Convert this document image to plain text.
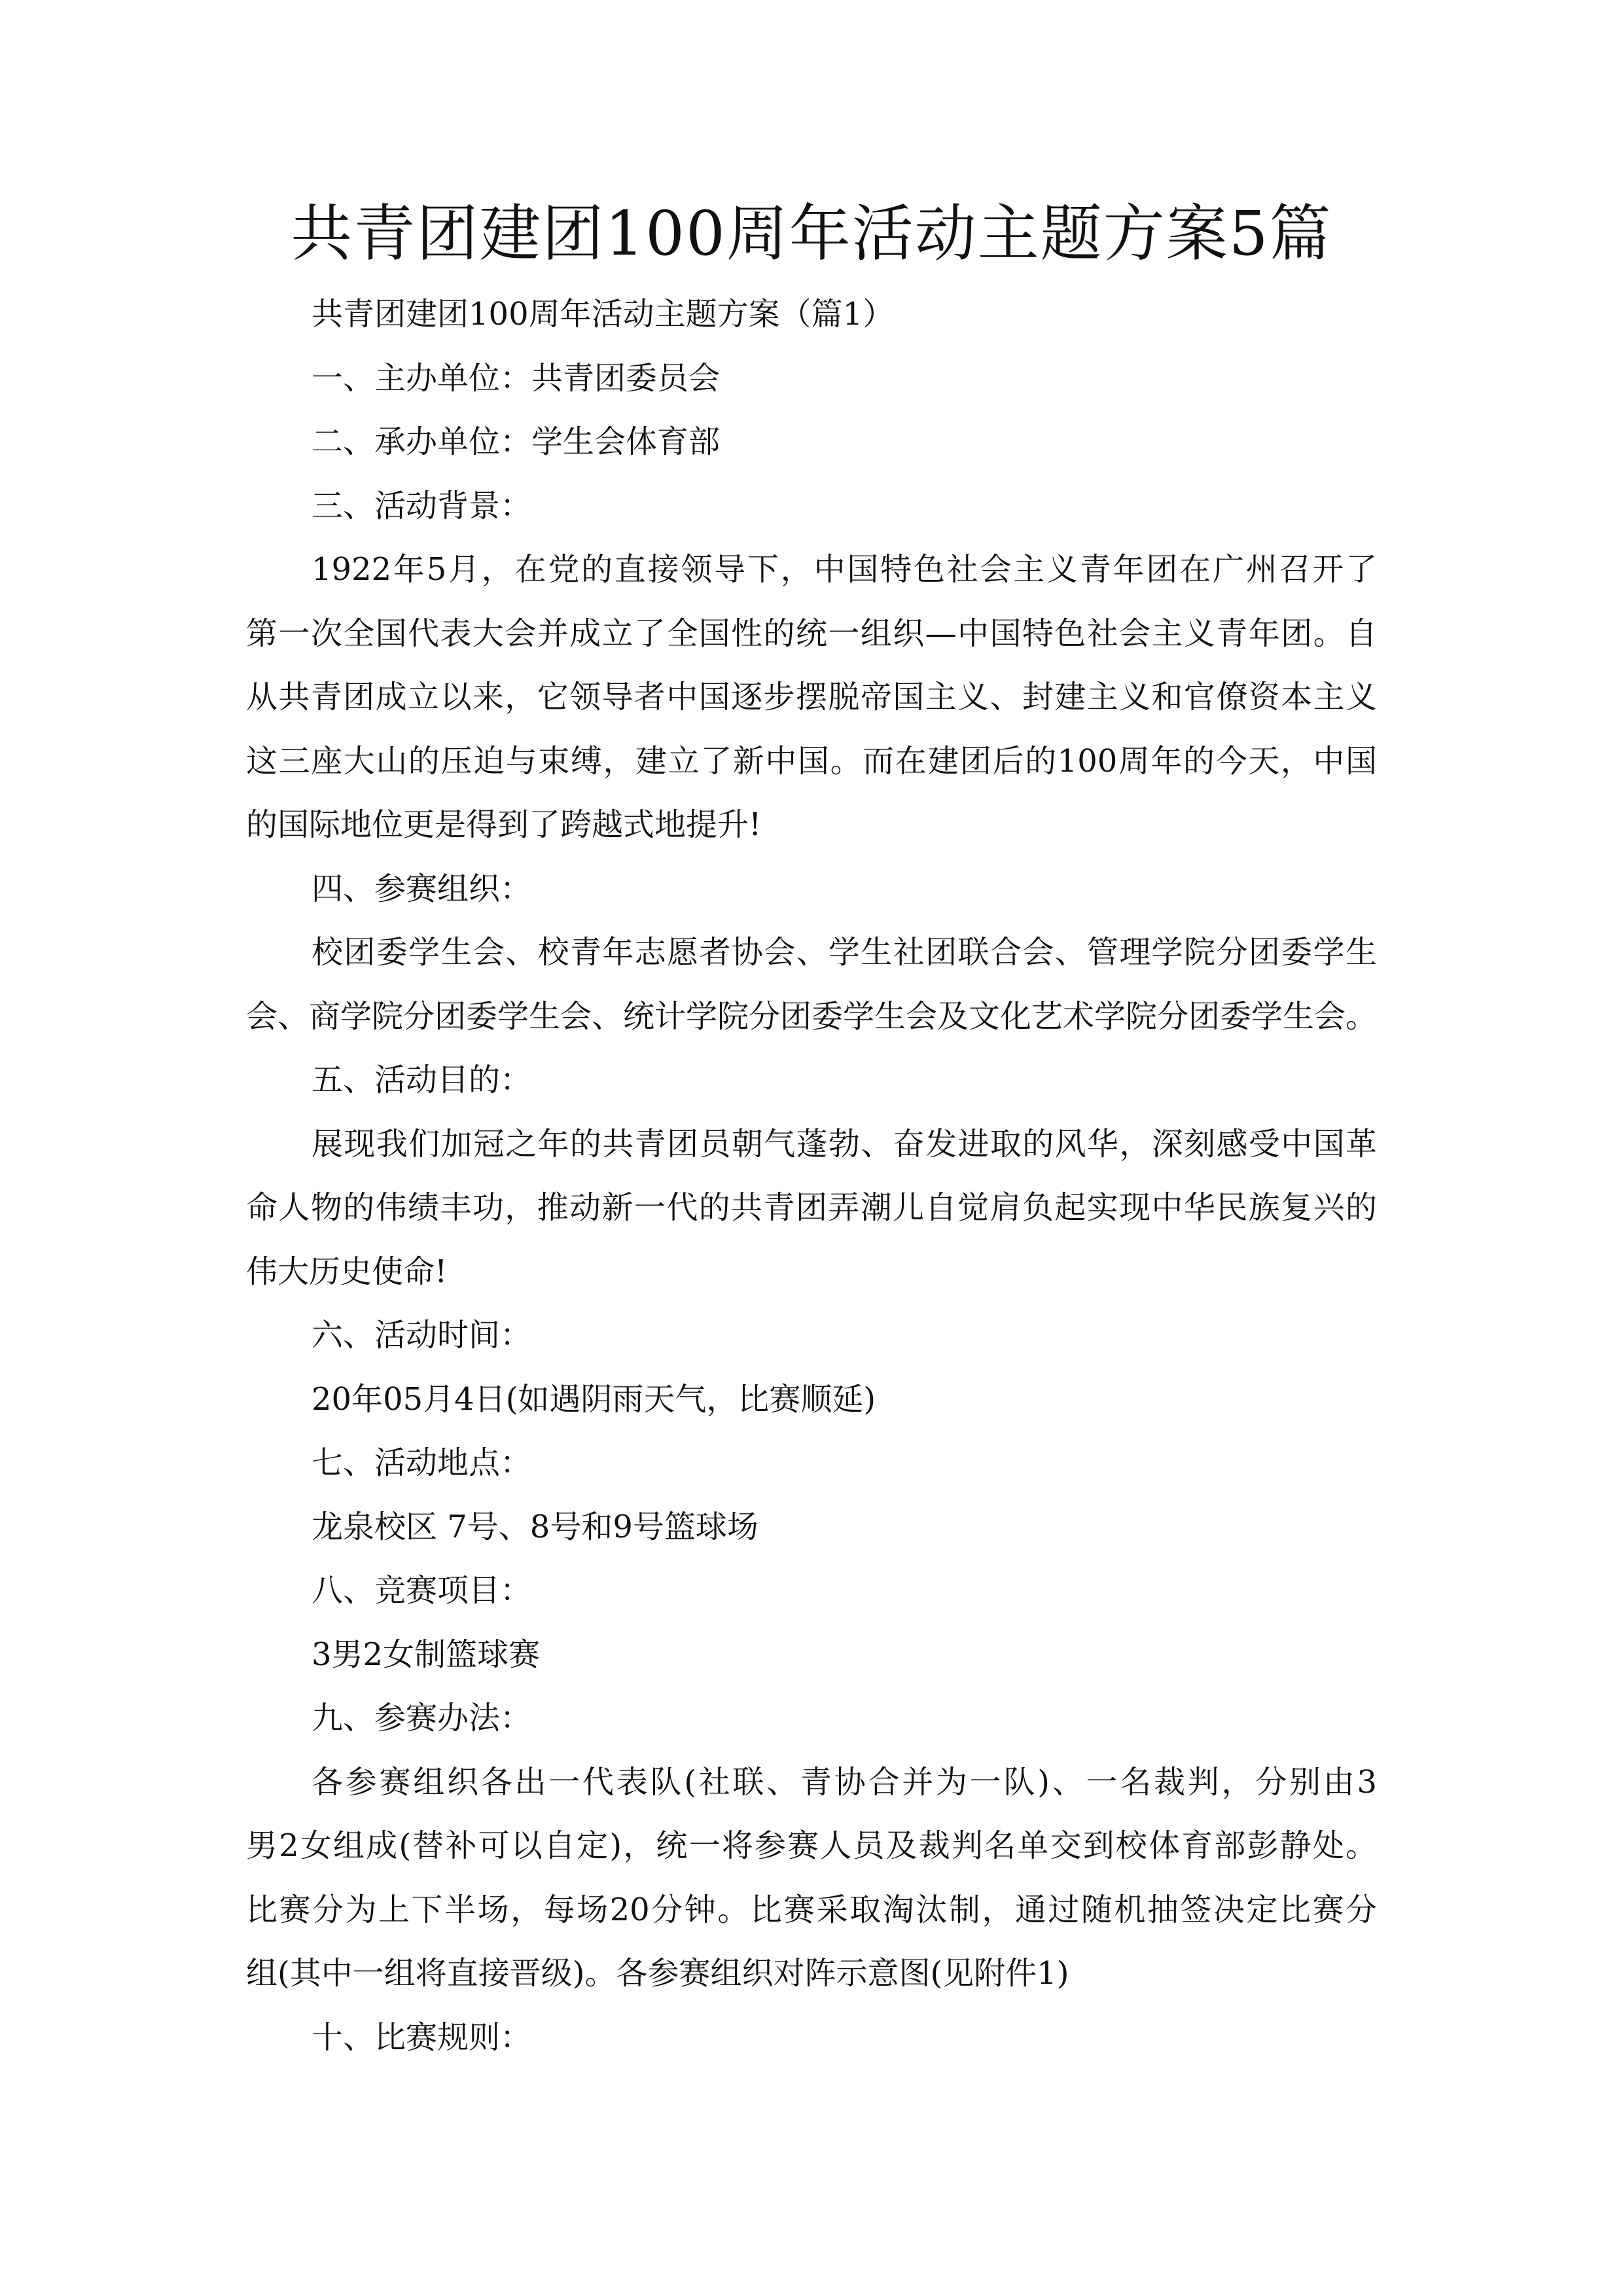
共青团建团100周年活动主题方案5篇
共青团建团100周年活动主题方案（篇1）
一、主办单位：共青团委员会
二、承办单位：学生会体育部
三、活动背景：
1922年5月，在党的直接领导下，中国特色社会主义青年团在广州召开了
第一次全国代表大会并成立了全国性的统一组织—中国特色社会主义青年团。自
从共青团成立以来，它领导者中国逐步摆脱帝国主义、封建主义和官僚资本主义
这三座大山的压迫与束缚，建立了新中国。而在建团后的100周年的今天，中国
的国际地位更是得到了跨越式地提升!
四、参赛组织：
校团委学生会、校青年志愿者协会、学生社团联合会、管理学院分团委学生
会、商学院分团委学生会、统计学院分团委学生会及文化艺术学院分团委学生会。
五、活动目的：
展现我们加冠之年的共青团员朝气蓬勃、奋发进取的风华，深刻感受中国革
命人物的伟绩丰功，推动新一代的共青团弄潮儿自觉肩负起实现中华民族复兴的
伟大历史使命!
六、活动时间：
20年05月4日(如遇阴雨天气，比赛顺延)
七、活动地点：
龙泉校区 7号、8号和9号篮球场
八、竞赛项目：
3男2女制篮球赛
九、参赛办法：
各参赛组织各出一代表队(社联、青协合并为一队)、一名裁判，分别由3
男2女组成(替补可以自定)，统一将参赛人员及裁判名单交到校体育部彭静处。
比赛分为上下半场，每场20分钟。比赛采取淘汰制，通过随机抽签决定比赛分
组(其中一组将直接晋级)。各参赛组织对阵示意图(见附件1)
十、比赛规则：
